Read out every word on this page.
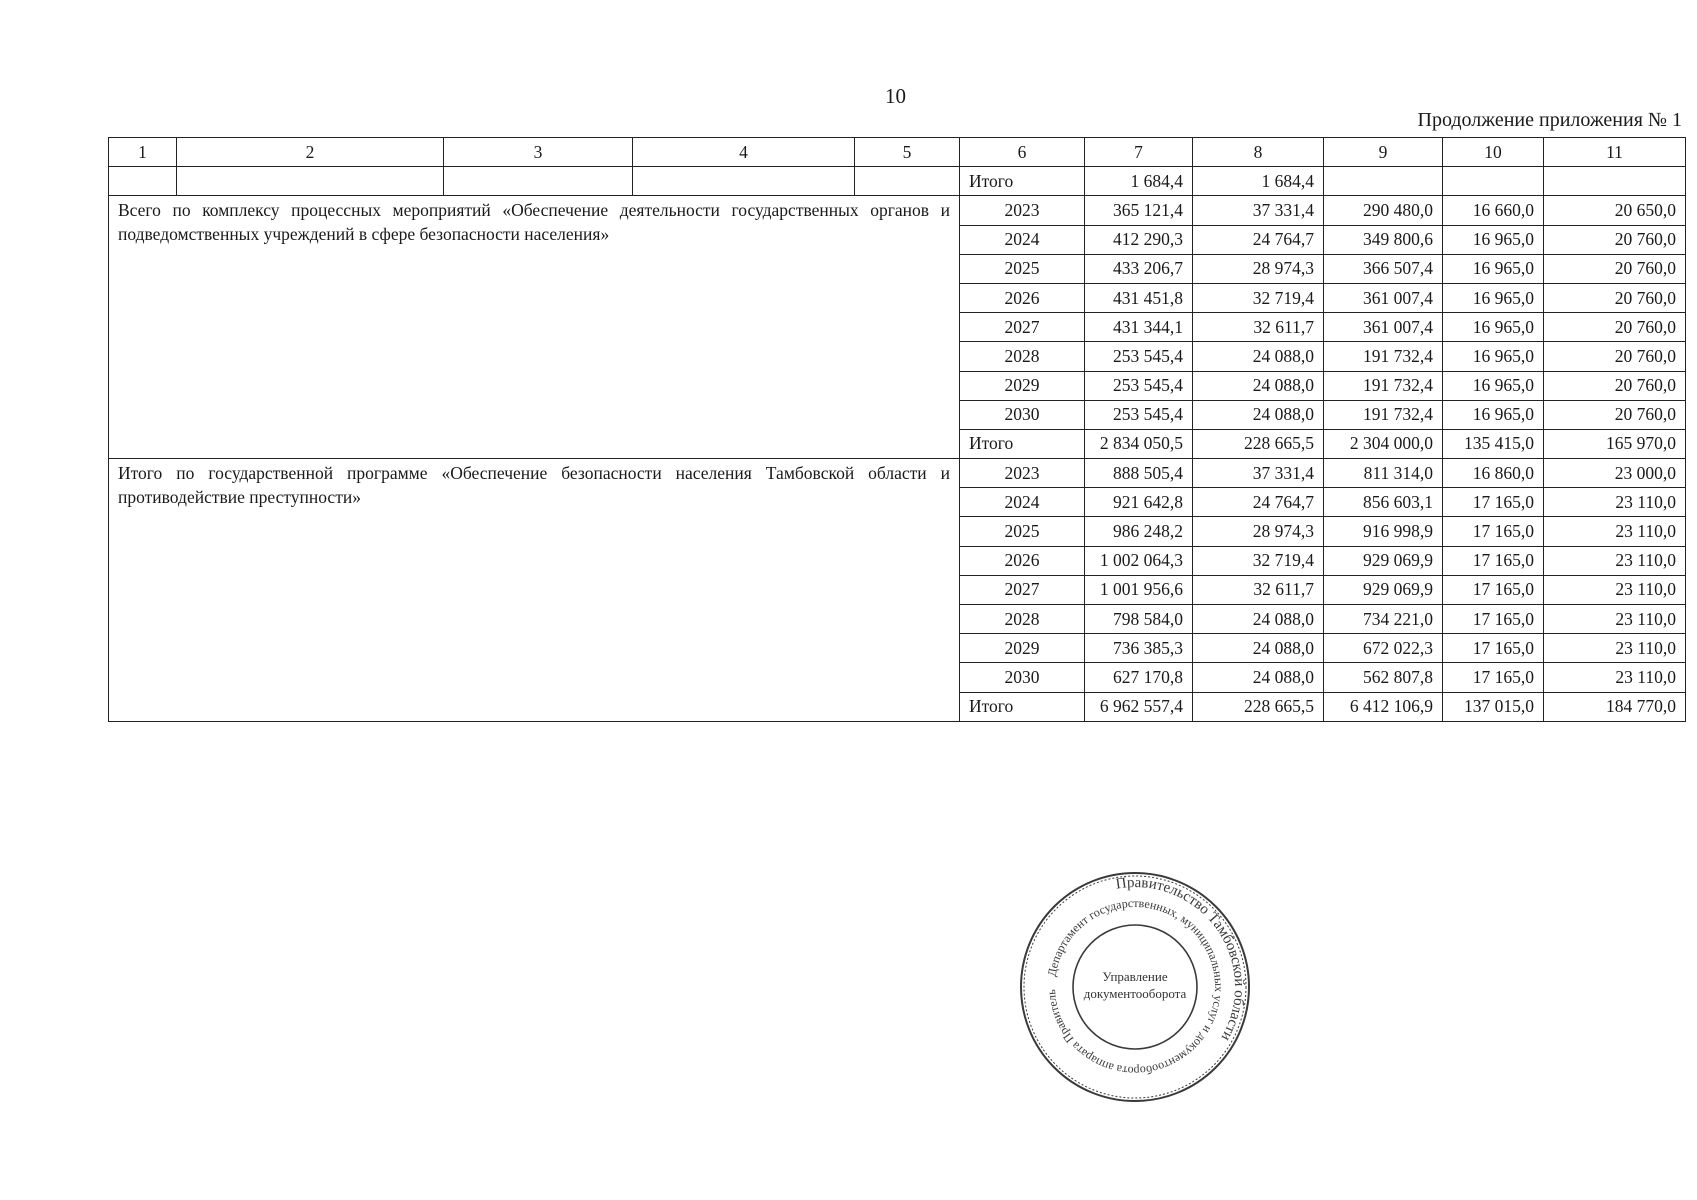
10
Продолжение приложения № 1
1	2	3	4	5	6	7	8	9	10	11
					Итого	1 684,4	1 684,4			
Всего по комплексу процессных мероприятий «Обеспечение деятельности государственных органов и подведомственных учреждений в сфере безопасности населения»					2023	365 121,4	37 331,4	290 480,0	16 660,0	20 650,0
					2024	412 290,3	24 764,7	349 800,6	16 965,0	20 760,0
					2025	433 206,7	28 974,3	366 507,4	16 965,0	20 760,0
					2026	431 451,8	32 719,4	361 007,4	16 965,0	20 760,0
					2027	431 344,1	32 611,7	361 007,4	16 965,0	20 760,0
					2028	253 545,4	24 088,0	191 732,4	16 965,0	20 760,0
					2029	253 545,4	24 088,0	191 732,4	16 965,0	20 760,0
					2030	253 545,4	24 088,0	191 732,4	16 965,0	20 760,0
					Итого	2 834 050,5	228 665,5	2 304 000,0	135 415,0	165 970,0
Итого по государственной программе «Обеспечение безопасности населения Тамбовской области и противодействие преступности»					2023	888 505,4	37 331,4	811 314,0	16 860,0	23 000,0
					2024	921 642,8	24 764,7	856 603,1	17 165,0	23 110,0
					2025	986 248,2	28 974,3	916 998,9	17 165,0	23 110,0
					2026	1 002 064,3	32 719,4	929 069,9	17 165,0	23 110,0
					2027	1 001 956,6	32 611,7	929 069,9	17 165,0	23 110,0
					2028	798 584,0	24 088,0	734 221,0	17 165,0	23 110,0
					2029	736 385,3	24 088,0	672 022,3	17 165,0	23 110,0
					2030	627 170,8	24 088,0	562 807,8	17 165,0	23 110,0
					Итого	6 962 557,4	228 665,5	6 412 106,9	137 015,0	184 770,0
Правительство Тамбовской области
Департамент государственных, муниципальных услуг и документооборота аппарата Правитель
Управление
документооборота
